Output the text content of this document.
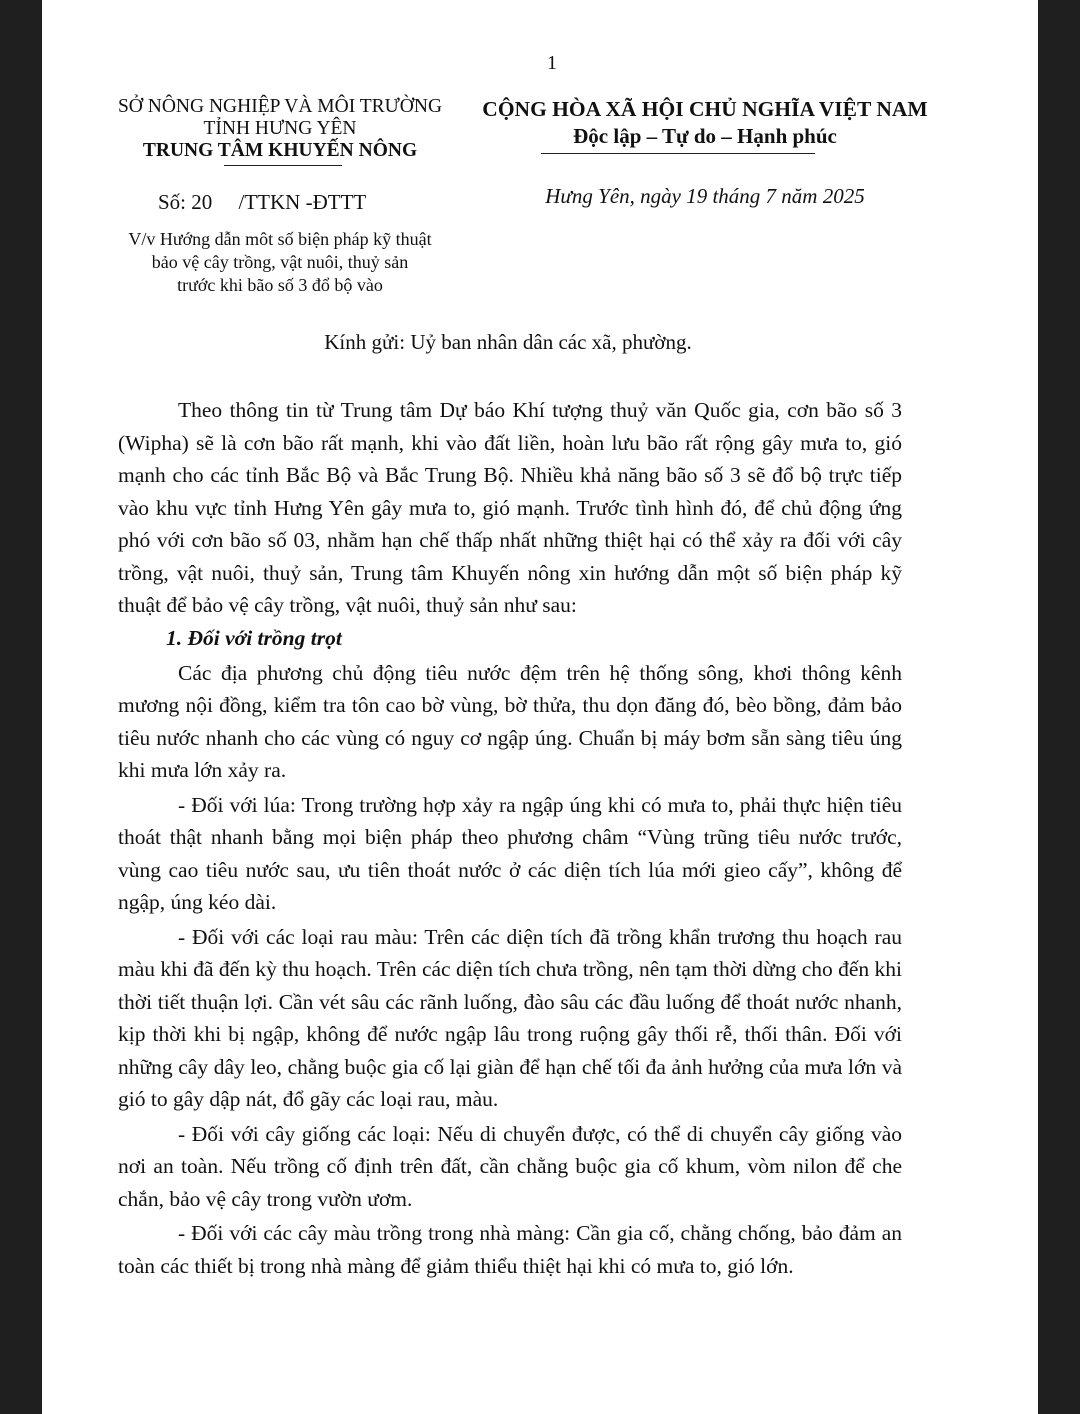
1
SỞ NÔNG NGHIỆP VÀ MÔI TRƯỜNG
TỈNH HƯNG YÊN
TRUNG TÂM KHUYẾN NÔNG
CỘNG HÒA XÃ HỘI CHỦ NGHĨA VIỆT NAM
Độc lập – Tự do – Hạnh phúc
Số: 20     /TTKN -ĐTTT	Hưng Yên, ngày 19 tháng 7 năm 2025
V/v Hướng dẫn môt số biện pháp kỹ thuật
bảo vệ cây trồng, vật nuôi, thuỷ sản
trước khi bão số 3 đổ bộ vào
Kính gửi: Uỷ ban nhân dân các xã, phường.

Theo thông tin từ Trung tâm Dự báo Khí tượng thuỷ văn Quốc gia, cơn bão số 3 (Wipha) sẽ là cơn bão rất mạnh, khi vào đất liền, hoàn lưu bão rất rộng gây mưa to, gió mạnh cho các tỉnh Bắc Bộ và Bắc Trung Bộ. Nhiều khả năng bão số 3 sẽ đổ bộ trực tiếp vào khu vực tỉnh Hưng Yên gây mưa to, gió mạnh. Trước tình hình đó, để chủ động ứng phó với cơn bão số 03, nhằm hạn chế thấp nhất những thiệt hại có thể xảy ra đối với cây trồng, vật nuôi, thuỷ sản, Trung tâm Khuyến nông xin hướng dẫn một số biện pháp kỹ thuật để bảo vệ cây trồng, vật nuôi, thuỷ sản như sau:

1. Đối với trồng trọt

Các địa phương chủ động tiêu nước đệm trên hệ thống sông, khơi thông kênh mương nội đồng, kiểm tra tôn cao bờ vùng, bờ thửa, thu dọn đăng đó, bèo bồng, đảm bảo tiêu nước nhanh cho các vùng có nguy cơ ngập úng. Chuẩn bị máy bơm sẵn sàng tiêu úng khi mưa lớn xảy ra.

- Đối với lúa: Trong trường hợp xảy ra ngập úng khi có mưa to, phải thực hiện tiêu thoát thật nhanh bằng mọi biện pháp theo phương châm “Vùng trũng tiêu nước trước, vùng cao tiêu nước sau, ưu tiên thoát nước ở các diện tích lúa mới gieo cấy”, không để ngập, úng kéo dài.

- Đối với các loại rau màu: Trên các diện tích đã trồng khẩn trương thu hoạch rau màu khi đã đến kỳ thu hoạch. Trên các diện tích chưa trồng, nên tạm thời dừng cho đến khi thời tiết thuận lợi. Cần vét sâu các rãnh luống, đào sâu các đầu luống để thoát nước nhanh, kịp thời khi bị ngập, không để nước ngập lâu trong ruộng gây thối rễ, thối thân. Đối với những cây dây leo, chằng buộc gia cố lại giàn để hạn chế tối đa ảnh hưởng của mưa lớn và gió to gây dập nát, đổ gãy các loại rau, màu.

- Đối với cây giống các loại: Nếu di chuyển được, có thể di chuyển cây giống vào nơi an toàn. Nếu trồng cố định trên đất, cần chằng buộc gia cố khum, vòm nilon để che chắn, bảo vệ cây trong vườn ươm.

- Đối với các cây màu trồng trong nhà màng: Cần gia cố, chằng chống, bảo đảm an toàn các thiết bị trong nhà màng để giảm thiểu thiệt hại khi có mưa to, gió lớn.
